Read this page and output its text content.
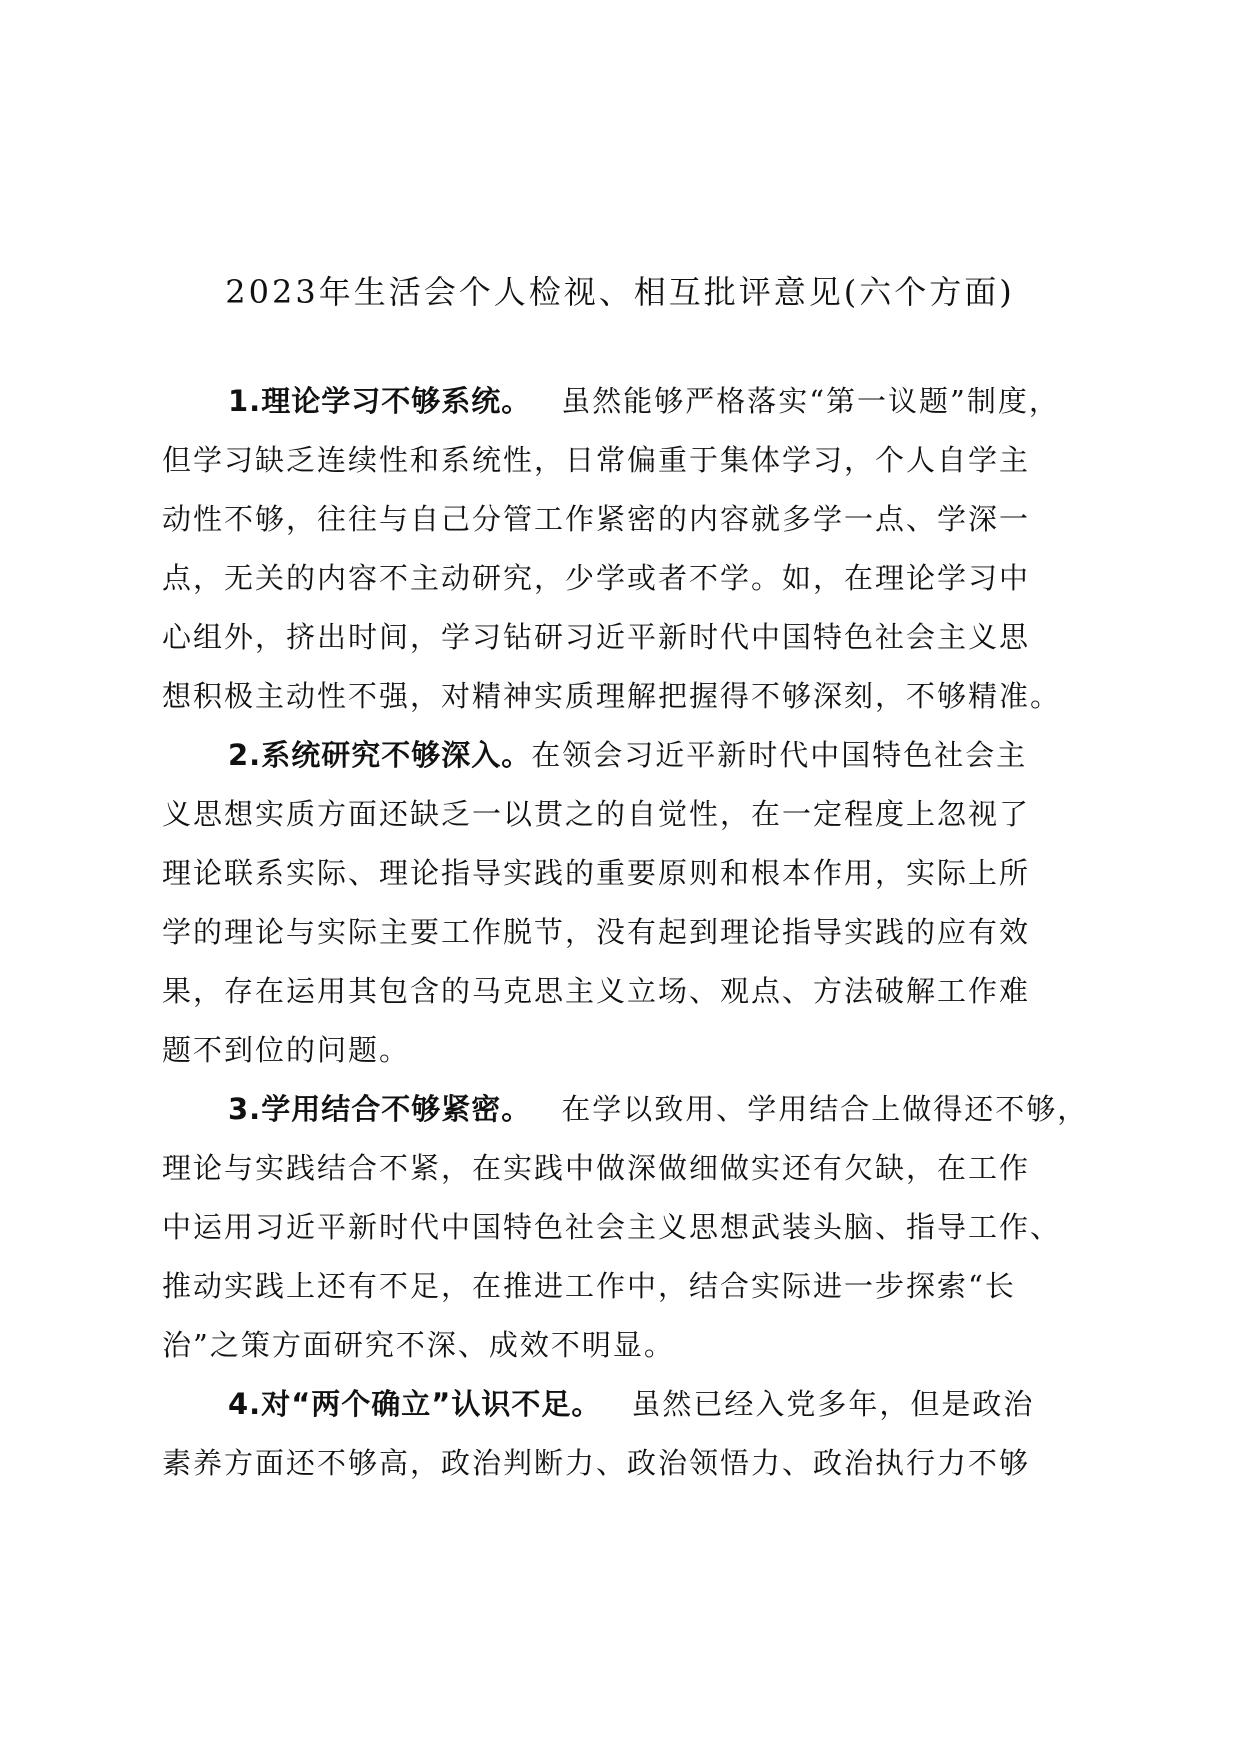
2023年生活会个人检视、相互批评意见(六个方面)
1.理论学习不够系统。 虽然能够严格落实“第一议题”制度，
但学习缺乏连续性和系统性，日常偏重于集体学习，个人自学主
动性不够，往往与自己分管工作紧密的内容就多学一点、学深一
点，无关的内容不主动研究，少学或者不学。如，在理论学习中
心组外，挤出时间，学习钻研习近平新时代中国特色社会主义思
想积极主动性不强，对精神实质理解把握得不够深刻，不够精准。
2.系统研究不够深入。在领会习近平新时代中国特色社会主
义思想实质方面还缺乏一以贯之的自觉性，在一定程度上忽视了
理论联系实际、理论指导实践的重要原则和根本作用，实际上所
学的理论与实际主要工作脱节，没有起到理论指导实践的应有效
果，存在运用其包含的马克思主义立场、观点、方法破解工作难
题不到位的问题。
3.学用结合不够紧密。 在学以致用、学用结合上做得还不够，
理论与实践结合不紧，在实践中做深做细做实还有欠缺，在工作
中运用习近平新时代中国特色社会主义思想武装头脑、指导工作、
推动实践上还有不足，在推进工作中，结合实际进一步探索“长
治”之策方面研究不深、成效不明显。
4.对“两个确立”认识不足。 虽然已经入党多年，但是政治
素养方面还不够高，政治判断力、政治领悟力、政治执行力不够
